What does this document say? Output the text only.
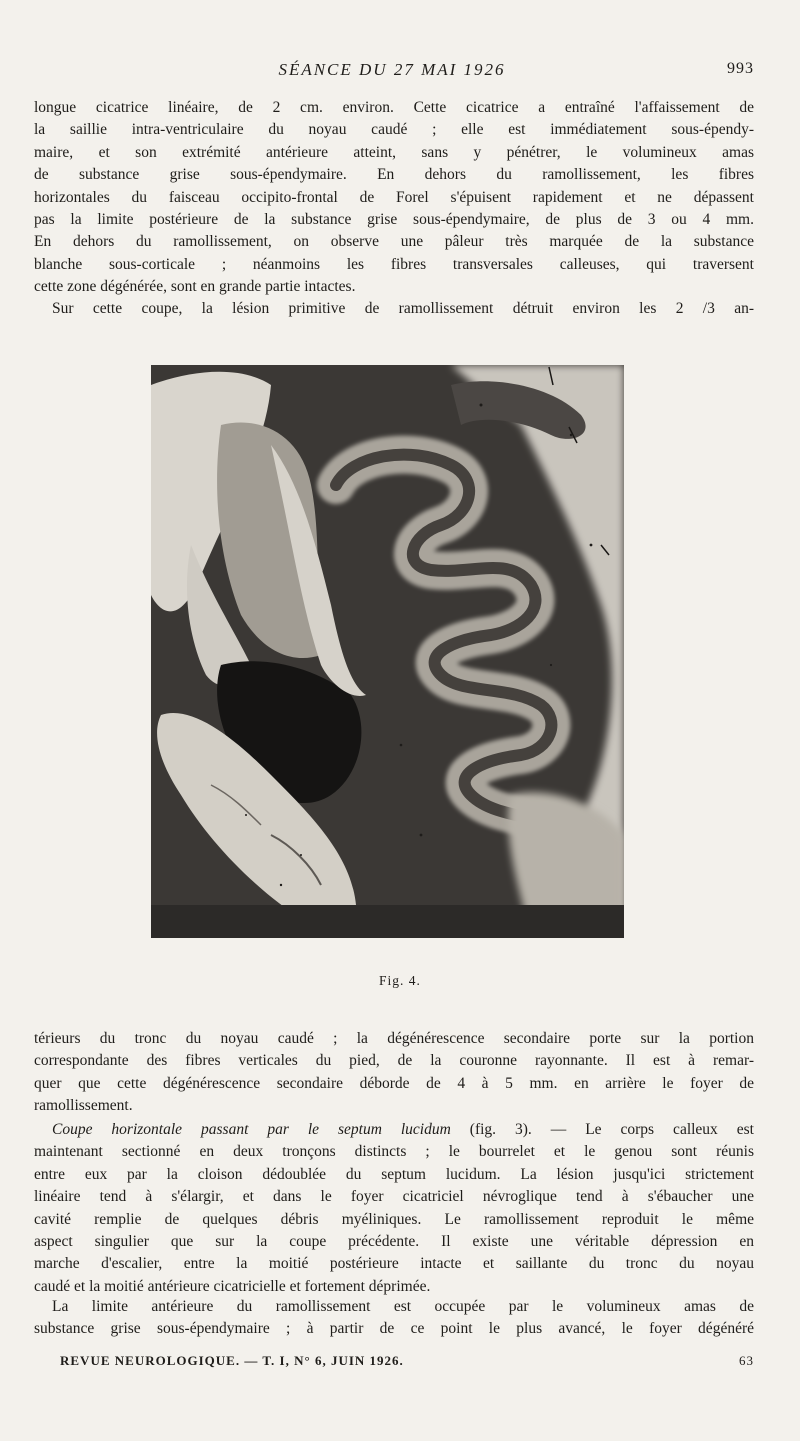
SÉANCE DU 27 MAI 1926	993
longue cicatrice linéaire, de 2 cm. environ. Cette cicatrice a entraîné l'affaissement de
la saillie intra-ventriculaire du noyau caudé ; elle est immédiatement sous-épendy-
maire, et son extrémité antérieure atteint, sans y pénétrer, le volumineux amas
de substance grise sous-épendymaire. En dehors du ramollissement, les fibres
horizontales du faisceau occipito-frontal de Forel s'épuisent rapidement et ne dépassent
pas la limite postérieure de la substance grise sous-épendymaire, de plus de 3 ou 4 mm.
En dehors du ramollissement, on observe une pâleur très marquée de la substance
blanche sous-corticale ; néanmoins les fibres transversales calleuses, qui traversent
cette zone dégénérée, sont en grande partie intactes.
Sur cette coupe, la lésion primitive de ramollissement détruit environ les 2 /3 an-
Fig. 4.
térieurs du tronc du noyau caudé ; la dégénérescence secondaire porte sur la portion
correspondante des fibres verticales du pied, de la couronne rayonnante. Il est à remar-
quer que cette dégénérescence secondaire déborde de 4 à 5 mm. en arrière le foyer de
ramollissement.
Coupe horizontale passant par le septum lucidum (fig. 3). — Le corps calleux est
maintenant sectionné en deux tronçons distincts ; le bourrelet et le genou sont réunis
entre eux par la cloison dédoublée du septum lucidum. La lésion jusqu'ici strictement
linéaire tend à s'élargir, et dans le foyer cicatriciel névroglique tend à s'ébaucher une
cavité remplie de quelques débris myéliniques. Le ramollissement reproduit le même
aspect singulier que sur la coupe précédente. Il existe une véritable dépression en
marche d'escalier, entre la moitié postérieure intacte et saillante du tronc du noyau
caudé et la moitié antérieure cicatricielle et fortement déprimée.
La limite antérieure du ramollissement est occupée par le volumineux amas de
substance grise sous-épendymaire ; à partir de ce point le plus avancé, le foyer dégénéré
REVUE NEUROLOGIQUE. — T. I, N° 6, JUIN 1926.	63
